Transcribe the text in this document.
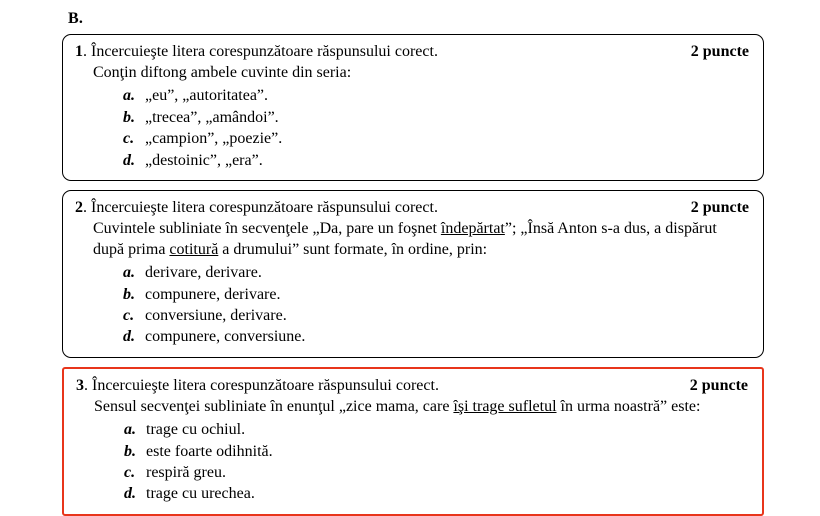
B.
1. Încercuieşte litera corespunzătoare răspunsului corect.	2 puncte
Conţin diftong ambele cuvinte din seria:
a. „eu”, „autoritatea”.
b. „trecea”, „amândoi”.
c. „campion”, „poezie”.
d. „destoinic”, „era”.
2. Încercuieşte litera corespunzătoare răspunsului corect.	2 puncte
Cuvintele subliniate în secvenţele „Da, pare un foşnet îndepărtat”; „Însă Anton s-a dus, a dispărut după prima cotitură a drumului” sunt formate, în ordine, prin:
a. derivare, derivare.
b. compunere, derivare.
c. conversiune, derivare.
d. compunere, conversiune.
3. Încercuieşte litera corespunzătoare răspunsului corect.	2 puncte
Sensul secvenţei subliniate în enunţul „zice mama, care îşi trage sufletul în urma noastră” este:
a. trage cu ochiul.
b. este foarte odihnită.
c. respiră greu.
d. trage cu urechea.
